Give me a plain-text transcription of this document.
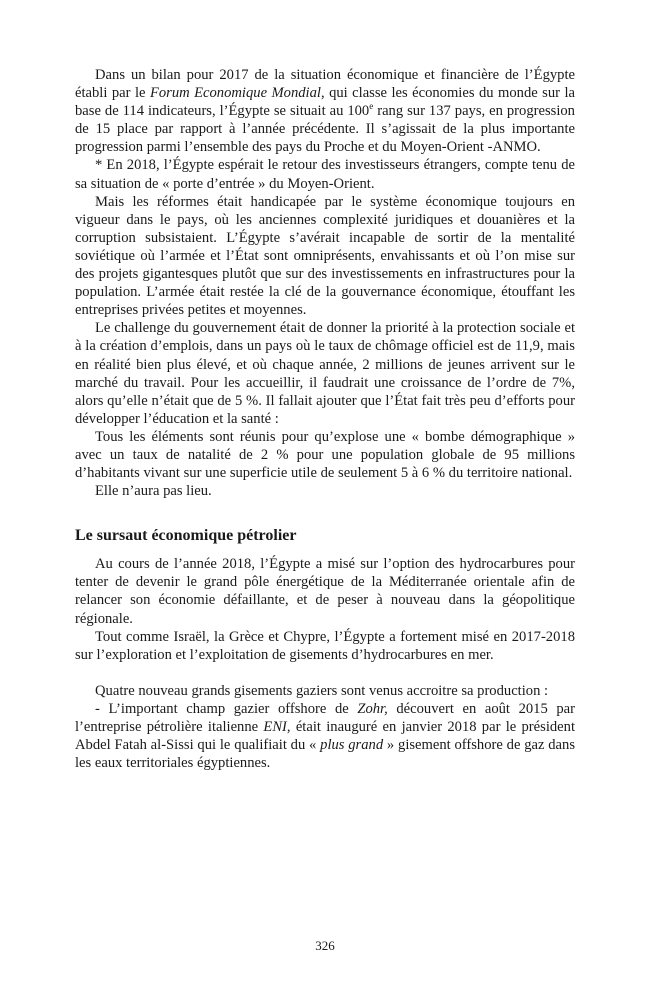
Dans un bilan pour 2017 de la situation économique et financière de l’Égypte établi par le Forum Economique Mondial, qui classe les économies du monde sur la base de 114 indicateurs, l’Égypte se situait au 100e rang sur 137 pays, en progression de 15 place par rapport à l’année précédente. Il s’agissait de la plus importante progression parmi l’ensemble des pays du Proche et du Moyen-Orient -ANMO.

* En 2018, l’Égypte espérait le retour des investisseurs étrangers, compte tenu de sa situation de « porte d’entrée » du Moyen-Orient.

Mais les réformes était handicapée par le système économique toujours en vigueur dans le pays, où les anciennes complexité juridiques et douanières et la corruption subsistaient. L’Égypte s’avérait incapable de sortir de la mentalité soviétique où l’armée et l’État sont omniprésents, envahissants et où l’on mise sur des projets gigantesques plutôt que sur des investissements en infrastructures pour la population. L’armée était restée la clé de la gouvernance économique, étouffant les entreprises privées petites et moyennes.

Le challenge du gouvernement était de donner la priorité à la protection sociale et à la création d’emplois, dans un pays où le taux de chômage officiel est de 11,9, mais en réalité bien plus élevé, et où chaque année, 2 millions de jeunes arrivent sur le marché du travail. Pour les accueillir, il faudrait une croissance de l’ordre de 7%, alors qu’elle n’était que de 5 %. Il fallait ajouter que l’État fait très peu d’efforts pour développer l’éducation et la santé :

Tous les éléments sont réunis pour qu’explose une « bombe démographique » avec un taux de natalité de 2 % pour une population globale de 95 millions d’habitants vivant sur une superficie utile de seulement 5 à 6 % du territoire national.

Elle n’aura pas lieu.

Le sursaut économique pétrolier

Au cours de l’année 2018, l’Égypte a misé sur l’option des hydrocarbures pour tenter de devenir le grand pôle énergétique de la Méditerranée orientale afin de relancer son économie défaillante, et de peser à nouveau dans la géopolitique régionale.

Tout comme Israël, la Grèce et Chypre, l’Égypte a fortement misé en 2017-2018 sur l’exploration et l’exploitation de gisements d’hydrocarbures en mer.

Quatre nouveau grands gisements gaziers sont venus accroitre sa production :

- L’important champ gazier offshore de Zohr, découvert en août 2015 par l’entreprise pétrolière italienne ENI, était inauguré en janvier 2018 par le président Abdel Fatah al-Sissi qui le qualifiait du « plus grand » gisement offshore de gaz dans les eaux territoriales égyptiennes.

326
